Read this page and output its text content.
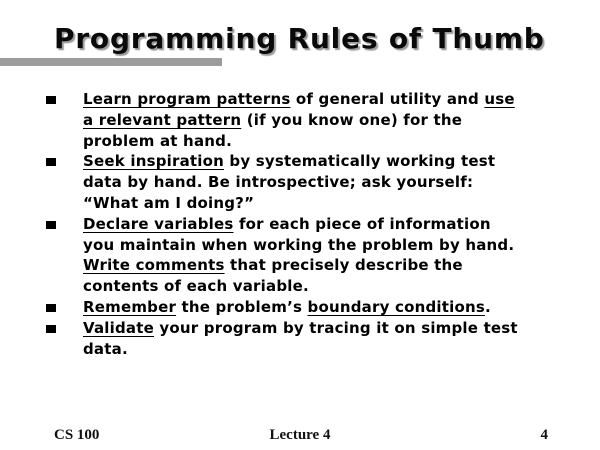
Programming Rules of Thumb
Learn program patterns of general utility and use
a relevant pattern (if you know one) for the
problem at hand.
Seek inspiration by systematically working test
data by hand. Be introspective; ask yourself:
“What am I doing?”
Declare variables for each piece of information
you maintain when working the problem by hand.
Write comments that precisely describe the
contents of each variable.
Remember the problem’s boundary conditions.
Validate your program by tracing it on simple test
data.
CS 100	Lecture 4	4
